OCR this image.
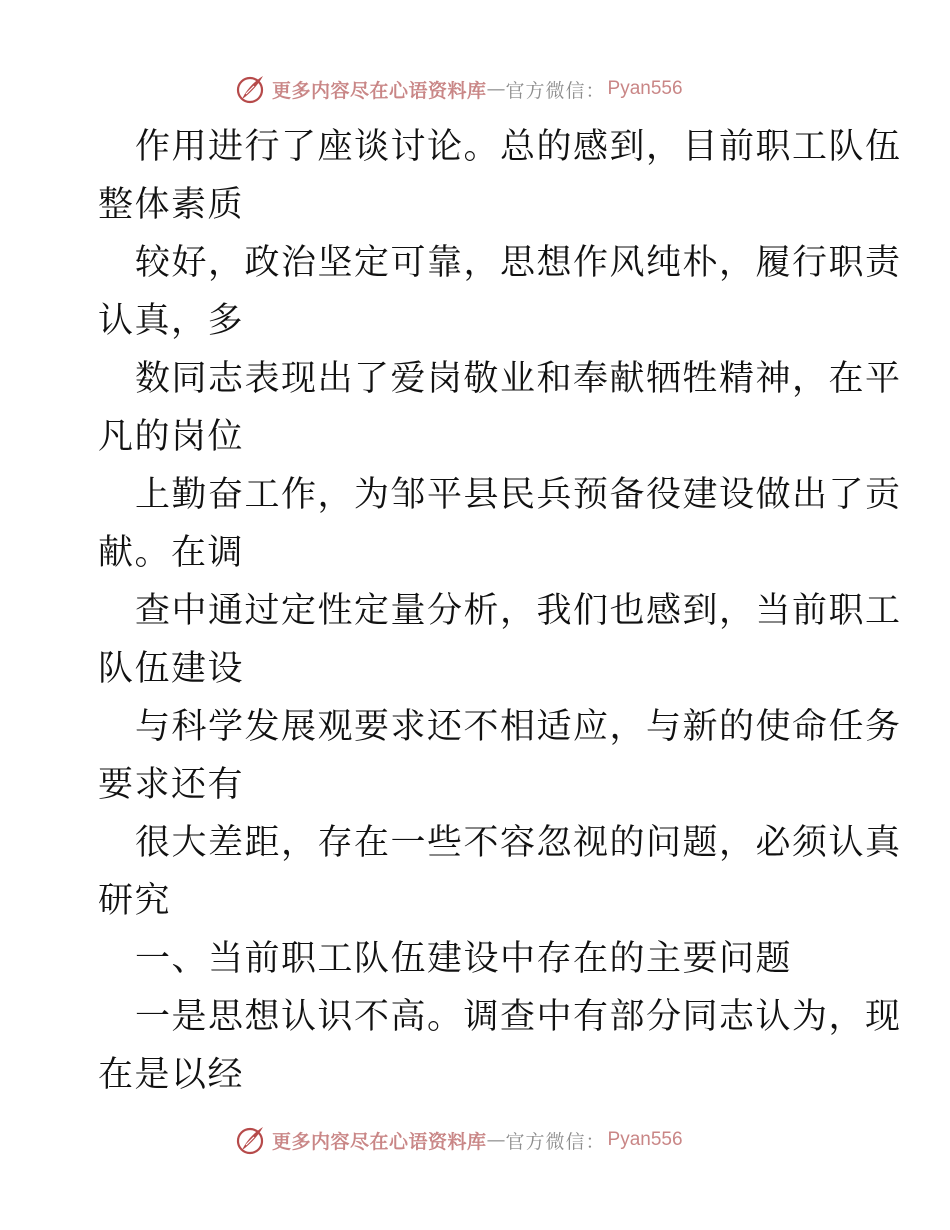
更多内容尽在心语资料库 — 官方微信： Pyan556
作用进行了座谈讨论。总的感到，目前职工队伍
整体素质
较好，政治坚定可靠，思想作风纯朴，履行职责
认真，多
数同志表现出了爱岗敬业和奉献牺牲精神，在平
凡的岗位
上勤奋工作，为邹平县民兵预备役建设做出了贡
献。在调
查中通过定性定量分析，我们也感到，当前职工
队伍建设
与科学发展观要求还不相适应，与新的使命任务
要求还有
很大差距，存在一些不容忽视的问题，必须认真
研究
一、当前职工队伍建设中存在的主要问题
一是思想认识不高。调查中有部分同志认为，现
在是以经
更多内容尽在心语资料库 — 官方微信： Pyan556
